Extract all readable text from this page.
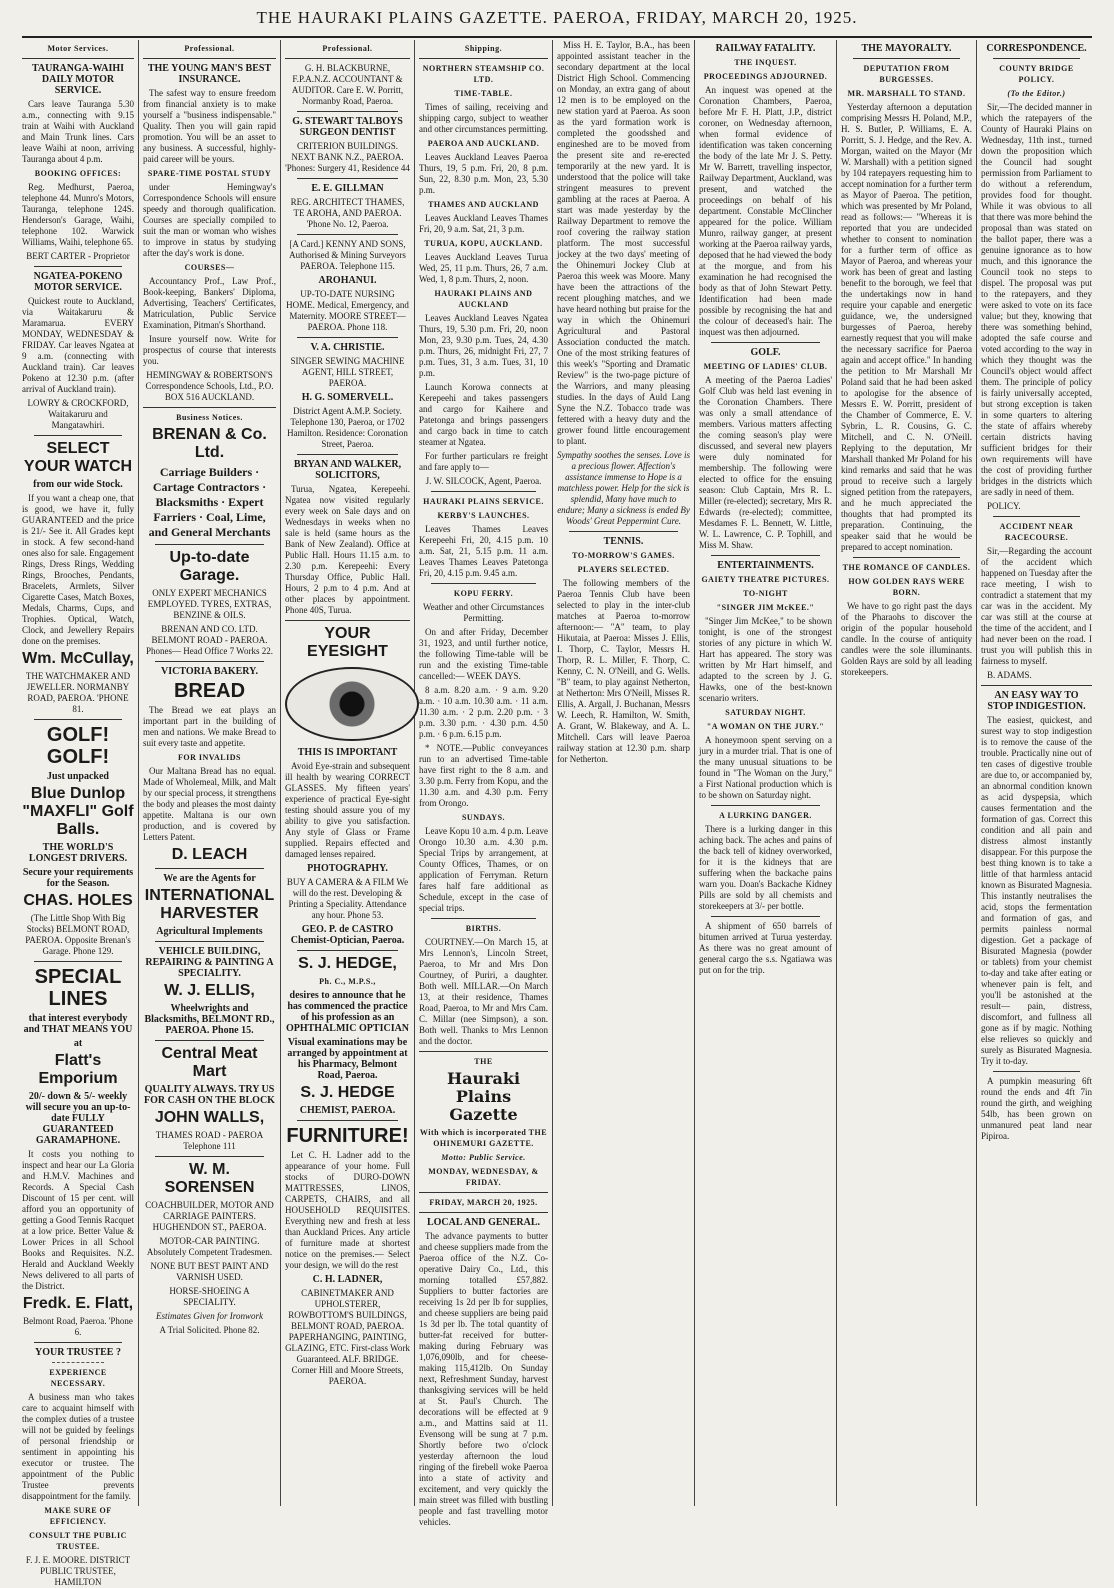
THE HAURAKI PLAINS GAZETTE. PAEROA, FRIDAY, MARCH 20, 1925.
Motor Services.
TAURANGA-WAIHI DAILY MOTOR SERVICE.

Cars leave Tauranga 5.30 a.m., connecting with 9.15 train at Waihi with Auckland and Main Trunk lines. Cars leave Waihi at noon, arriving Tauranga about 4 p.m.

BOOKING OFFICES:

Reg. Medhurst, Paeroa, telephone 44. Munro's Motors, Tauranga, telephone 124S. Henderson's Garage, Waihi, telephone 102. Warwick Williams, Waihi, telephone 65.

BERT CARTER - Proprietor

NGATEA-POKENO MOTOR SERVICE.

Quickest route to Auckland, via Waitakaruru & Maramarua. EVERY MONDAY, WEDNESDAY & FRIDAY. Car leaves Ngatea at 9 a.m. (connecting with Auckland train). Car leaves Pokeno at 12.30 p.m. (after arrival of Auckland train).

LOWRY & CROCKFORD, Waitakaruru and Mangatawhiri.

SELECT YOUR WATCH
from our wide Stock.

If you want a cheap one, that is good, we have it, fully GUARANTEED and the price is 21/- See it. All Grades kept in stock. A few second-hand ones also for sale. Engagement Rings, Dress Rings, Wedding Rings, Brooches, Pendants, Bracelets, Armlets, Silver Cigarette Cases, Match Boxes, Medals, Charms, Cups, and Trophies. Optical, Watch, Clock, and Jewellery Repairs done on the premises.

Wm. McCullay,

THE WATCHMAKER AND JEWELLER. NORMANBY ROAD, PAEROA. 'PHONE 81.

GOLF! GOLF!
Just unpacked
Blue Dunlop "MAXFLI" Golf Balls.
THE WORLD'S LONGEST DRIVERS.
Secure your requirements for the Season.
CHAS. HOLES

(The Little Shop With Big Stocks) BELMONT ROAD, PAEROA. Opposite Brenan's Garage. Phone 129.

SPECIAL LINES
that interest everybody and THAT MEANS YOU
at
Flatt's Emporium
20/- down & 5/- weekly will secure you an up-to-date FULLY GUARANTEED GARAMAPHONE.

It costs you nothing to inspect and hear our La Gloria and H.M.V. Machines and Records. A Special Cash Discount of 15 per cent. will afford you an opportunity of getting a Good Tennis Racquet at a low price. Better Value & Lower Prices in all School Books and Requisites. N.Z. Herald and Auckland Weekly News delivered to all parts of the District.

Fredk. E. Flatt,

Belmont Road, Paeroa. 'Phone 6.

YOUR TRUSTEE ?
EXPERIENCE NECESSARY.

A business man who takes care to acquaint himself with the complex duties of a trustee will not be guided by feelings of personal friendship or sentiment in appointing his executor or trustee. The appointment of the Public Trustee prevents disappointment for the family.

MAKE SURE OF EFFICIENCY.
CONSULT THE PUBLIC TRUSTEE.

F. J. E. MOORE. DISTRICT PUBLIC TRUSTEE, HAMILTON

Professional.
THE YOUNG MAN'S BEST INSURANCE.

The safest way to ensure freedom from financial anxiety is to make yourself a "business indispensable." Quality. Then you will gain rapid promotion. You will be an asset to any business. A successful, highly-paid career will be yours.

SPARE-TIME POSTAL STUDY

under Hemingway's Correspondence Schools will ensure speedy and thorough qualification. Courses are specially compiled to suit the man or woman who wishes to improve in status by studying after the day's work is done.

COURSES—

Accountancy Prof., Law Prof., Book-keeping, Bankers' Diploma, Advertising, Teachers' Certificates, Matriculation, Public Service Examination, Pitman's Shorthand.

Insure yourself now. Write for prospectus of course that interests you.

HEMINGWAY & ROBERTSON'S Correspondence Schools, Ltd., P.O. BOX 516 AUCKLAND.

Business Notices.
BRENAN & Co. Ltd.
Carriage Builders · Cartage Contractors · Blacksmiths · Expert Farriers · Coal, Lime, and General Merchants
Up-to-date Garage.

ONLY EXPERT MECHANICS EMPLOYED. TYRES, EXTRAS, BENZINE & OILS.

BRENAN AND CO. LTD. BELMONT ROAD - PAEROA. Phones— Head Office 7 Works 22.

VICTORIA BAKERY.
BREAD

The Bread we eat plays an important part in the building of men and nations. We make Bread to suit every taste and appetite.

FOR INVALIDS

Our Maltana Bread has no equal. Made of Wholemeal, Milk, and Malt by our special process, it strengthens the body and pleases the most dainty appetite. Maltana is our own production, and is covered by Letters Patent.

D. LEACH
We are the Agents for
INTERNATIONAL HARVESTER
Agricultural Implements
VEHICLE BUILDING, REPAIRING & PAINTING A SPECIALITY.
W. J. ELLIS,
Wheelwrights and Blacksmiths, BELMONT RD., PAEROA. Phone 15.
Central Meat Mart
QUALITY ALWAYS. TRY US FOR CASH ON THE BLOCK
JOHN WALLS,

THAMES ROAD - PAEROA Telephone 111

W. M. SORENSEN

COACHBUILDER, MOTOR AND CARRIAGE PAINTERS. HUGHENDON ST., PAEROA.

MOTOR-CAR PAINTING. Absolutely Competent Tradesmen.

NONE BUT BEST PAINT AND VARNISH USED.

HORSE-SHOEING A SPECIALITY.

Estimates Given for Ironwork

A Trial Solicited. Phone 82.

Professional.

G. H. BLACKBURNE, F.P.A.N.Z. ACCOUNTANT & AUDITOR. Care E. W. Porritt, Normanby Road, Paeroa.

G. STEWART TALBOYS SURGEON DENTIST

CRITERION BUILDINGS. NEXT BANK N.Z., PAEROA. 'Phones: Surgery 41, Residence 44

E. E. GILLMAN

REG. ARCHITECT THAMES, TE AROHA, AND PAEROA. 'Phone No. 12, Paeroa.

[A Card.] KENNY AND SONS, Authorised & Mining Surveyors PAEROA. Telephone 115.

AROHANUI.

UP-TO-DATE NURSING HOME. Medical, Emergency, and Maternity. MOORE STREET—PAEROA. Phone 118.

V. A. CHRISTIE.

SINGER SEWING MACHINE AGENT, HILL STREET, PAEROA.

H. G. SOMERVELL.

District Agent A.M.P. Society. Telephone 130, Paeroa, or 1702 Hamilton. Residence: Coronation Street, Paeroa.

BRYAN AND WALKER, SOLICITORS,

Turua, Ngatea, Kerepeehi. Ngatea now visited regularly every week on Sale days and on Wednesdays in weeks when no sale is held (same hours as the Bank of New Zealand). Office at Public Hall. Hours 11.15 a.m. to 2.30 p.m. Kerepeehi: Every Thursday Office, Public Hall. Hours, 2 p.m to 4 p.m. And at other places by appointment. Phone 40S, Turua.

YOUR EYESIGHT
THIS IS IMPORTANT

Avoid Eye-strain and subsequent ill health by wearing CORRECT GLASSES. My fifteen years' experience of practical Eye-sight testing should assure you of my ability to give you satisfaction. Any style of Glass or Frame supplied. Repairs effected and damaged lenses repaired.

PHOTOGRAPHY.

BUY A CAMERA & A FILM We will do the rest. Developing & Printing a Speciality. Attendance any hour. Phone 53.

GEO. P. de CASTRO Chemist-Optician, Paeroa.
S. J. HEDGE,
Ph. C., M.P.S.,
desires to announce that he has commenced the practice of his profession as an OPHTHALMIC OPTICIAN
Visual examinations may be arranged by appointment at his Pharmacy, Belmont Road, Paeroa.
S. J. HEDGE
CHEMIST, PAEROA.
FURNITURE!

Let C. H. Ladner add to the appearance of your home. Full stocks of DURO-DOWN MATTRESSES, LINOS, CARPETS, CHAIRS, and all HOUSEHOLD REQUISITES. Everything new and fresh at less than Auckland Prices. Any article of furniture made at shortest notice on the premises.— Select your design, we will do the rest

C. H. LADNER,

CABINETMAKER AND UPHOLSTERER, ROWBOTTOM'S BUILDINGS, BELMONT ROAD, PAEROA. PAPERHANGING, PAINTING, GLAZING, ETC. First-class Work Guaranteed. ALF. BRIDGE. Corner Hill and Moore Streets, PAEROA.

Shipping.
NORTHERN STEAMSHIP CO. LTD.
TIME-TABLE.

Times of sailing, receiving and shipping cargo, subject to weather and other circumstances permitting.

PAEROA AND AUCKLAND.

Leaves Auckland Leaves Paeroa Thurs, 19, 5 p.m. Fri, 20, 8 p.m. Sun, 22, 8.30 p.m. Mon, 23, 5.30 p.m.

THAMES AND AUCKLAND

Leaves Auckland Leaves Thames Fri, 20, 9 a.m. Sat, 21, 3 p.m.

TURUA, KOPU, AUCKLAND.

Leaves Auckland Leaves Turua Wed, 25, 11 p.m. Thurs, 26, 7 a.m. Wed, 1, 8 p.m. Thurs, 2, noon.

HAURAKI PLAINS AND AUCKLAND

Leaves Auckland Leaves Ngatea Thurs, 19, 5.30 p.m. Fri, 20, noon Mon, 23, 9.30 p.m. Tues, 24, 4.30 p.m. Thurs, 26, midnight Fri, 27, 7 p.m. Tues, 31, 3 a.m. Tues, 31, 10 p.m.

Launch Korowa connects at Kerepeehi and takes passengers and cargo for Kaihere and Patetonga and brings passengers and cargo back in time to catch steamer at Ngatea.

For further particulars re freight and fare apply to—

J. W. SILCOCK, Agent, Paeroa.

HAURAKI PLAINS SERVICE.
KERBY'S LAUNCHES.

Leaves Thames Leaves Kerepeehi Fri, 20, 4.15 p.m. 10 a.m. Sat, 21, 5.15 p.m. 11 a.m. Leaves Thames Leaves Patetonga Fri, 20, 4.15 p.m. 9.45 a.m.

KOPU FERRY.

Weather and other Circumstances Permitting.

On and after Friday, December 31, 1923, and until further notice, the following Time-table will be run and the existing Time-table cancelled:— WEEK DAYS.

8 a.m. 8.20 a.m. · 9 a.m. 9.20 a.m. · 10 a.m. 10.30 a.m. · 11 a.m. 11.30 a.m. · 2 p.m. 2.20 p.m. · 3 p.m. 3.30 p.m. · 4.30 p.m. 4.50 p.m. · 6 p.m. 6.15 p.m.

* NOTE.—Public conveyances run to an advertised Time-table have first right to the 8 a.m. and 3.30 p.m. Ferry from Kopu, and the 11.30 a.m. and 4.30 p.m. Ferry from Orongo.

SUNDAYS.

Leave Kopu 10 a.m. 4 p.m. Leave Orongo 10.30 a.m. 4.30 p.m. Special Trips by arrangement, at County Offices, Thames, or on application of Ferryman. Return fares half fare additional as Schedule, except in the case of special trips.

BIRTHS.

COURTNEY.—On March 15, at Mrs Lennon's, Lincoln Street, Paeroa, to Mr and Mrs Don Courtney, of Puriri, a daughter. Both well. MILLAR.—On March 13, at their residence, Thames Road, Paeroa, to Mr and Mrs Cam. C. Millar (nee Simpson), a son. Both well. Thanks to Mrs Lennon and the doctor.

THE
Hauraki Plains Gazette
With which is incorporated THE OHINEMURI GAZETTE.
Motto: Public Service.
MONDAY, WEDNESDAY, & FRIDAY.
FRIDAY, MARCH 20, 1925.
LOCAL AND GENERAL.

The advance payments to butter and cheese suppliers made from the Paeroa office of the N.Z. Co-operative Dairy Co., Ltd., this morning totalled £57,882. Suppliers to butter factories are receiving 1s 2d per lb for supplies, and cheese suppliers are being paid 1s 3d per lb. The total quantity of butter-fat received for butter-making during February was 1,076,090lb, and for cheese-making 115,412lb. On Sunday next, Refreshment Sunday, harvest thanksgiving services will be held at St. Paul's Church. The decorations will be effected at 9 a.m., and Mattins said at 11. Evensong will be sung at 7 p.m. Shortly before two o'clock yesterday afternoon the loud ringing of the firebell woke Paeroa into a state of activity and excitement, and very quickly the main street was filled with bustling people and fast travelling motor vehicles.

Miss H. E. Taylor, B.A., has been appointed assistant teacher in the secondary department at the local District High School. Commencing on Monday, an extra gang of about 12 men is to be employed on the new station yard at Paeroa. As soon as the yard formation work is completed the goodsshed and engineshed are to be moved from the present site and re-erected temporarily at the new yard. It is understood that the police will take stringent measures to prevent gambling at the races at Paeroa. A start was made yesterday by the Railway Department to remove the roof covering the railway station platform. The most successful jockey at the two days' meeting of the Ohinemuri Jockey Club at Paeroa this week was Moore. Many have been the attractions of the recent ploughing matches, and we have heard nothing but praise for the way in which the Ohinemuri Agricultural and Pastoral Association conducted the match. One of the most striking features of this week's "Sporting and Dramatic Review" is the two-page picture of the Warriors, and many pleasing studies. In the days of Auld Lang Syne the N.Z. Tobacco trade was fettered with a heavy duty and the grower found little encouragement to plant.

Sympathy soothes the senses. Love is a precious flower. Affection's assistance immense to Hope is a matchless power. Help for the sick is splendid, Many have much to endure; Many a sickness is ended By Woods' Great Peppermint Cure.

TENNIS.
TO-MORROW'S GAMES.
PLAYERS SELECTED.

The following members of the Paeroa Tennis Club have been selected to play in the inter-club matches at Paeroa to-morrow afternoon:— "A" team, to play Hikutaia, at Paeroa: Misses J. Ellis, I. Thorp, C. Taylor, Messrs H. Thorp, R. L. Miller, F. Thorp, C. Kenny, C. N. O'Neill, and G. Wells. "B" team, to play against Netherton, at Netherton: Mrs O'Neill, Misses R. Ellis, A. Argall, J. Buchanan, Messrs W. Leech, R. Hamilton, W. Smith, A. Grant, W. Blakeway, and A. L. Mitchell. Cars will leave Paeroa railway station at 12.30 p.m. sharp for Netherton.

RAILWAY FATALITY.
THE INQUEST.
PROCEEDINGS ADJOURNED.

An inquest was opened at the Coronation Chambers, Paeroa, before Mr F. H. Platt, J.P., district coroner, on Wednesday afternoon, when formal evidence of identification was taken concerning the body of the late Mr J. S. Petty. Mr W. Barrett, travelling inspector, Railway Department, Auckland, was present, and watched the proceedings on behalf of his department. Constable McClincher appeared for the police. William Munro, railway ganger, at present working at the Paeroa railway yards, deposed that he had viewed the body at the morgue, and from his examination he had recognised the body as that of John Stewart Petty. Identification had been made possible by recognising the hat and the colour of deceased's hair. The inquest was then adjourned.

GOLF.
MEETING OF LADIES' CLUB.

A meeting of the Paeroa Ladies' Golf Club was held last evening in the Coronation Chambers. There was only a small attendance of members. Various matters affecting the coming season's play were discussed, and several new players were duly nominated for membership. The following were elected to office for the ensuing season: Club Captain, Mrs R. L. Miller (re-elected); secretary, Mrs R. Edwards (re-elected); committee, Mesdames F. L. Bennett, W. Little, W. L. Lawrence, C. P. Tophill, and Miss M. Shaw.

ENTERTAINMENTS.
GAIETY THEATRE PICTURES.
TO-NIGHT
"SINGER JIM McKEE."

"Singer Jim McKee," to be shown tonight, is one of the strongest stories of any picture in which W. Hart has appeared. The story was written by Mr Hart himself, and adapted to the screen by J. G. Hawks, one of the best-known scenario writers.

SATURDAY NIGHT.
"A WOMAN ON THE JURY."

A honeymoon spent serving on a jury in a murder trial. That is one of the many unusual situations to be found in "The Woman on the Jury," a First National production which is to be shown on Saturday night.

A LURKING DANGER.

There is a lurking danger in this aching back. The aches and pains of the back tell of kidney overworked, for it is the kidneys that are suffering when the backache pains warn you. Doan's Backache Kidney Pills are sold by all chemists and storekeepers at 3/- per bottle.

A shipment of 650 barrels of bitumen arrived at Turua yesterday. As there was no great amount of general cargo the s.s. Ngatiawa was put on for the trip.

THE MAYORALTY.
DEPUTATION FROM BURGESSES.
MR. MARSHALL TO STAND.

Yesterday afternoon a deputation comprising Messrs H. Poland, M.P., H. S. Butler, P. Williams, E. A. Porritt, S. J. Hedge, and the Rev. A. Morgan, waited on the Mayor (Mr W. Marshall) with a petition signed by 104 ratepayers requesting him to accept nomination for a further term as Mayor of Paeroa. The petition, which was presented by Mr Poland, read as follows:— "Whereas it is reported that you are undecided whether to consent to nomination for a further term of office as Mayor of Paeroa, and whereas your work has been of great and lasting benefit to the borough, we feel that the undertakings now in hand require your capable and energetic guidance, we, the undersigned burgesses of Paeroa, hereby earnestly request that you will make the necessary sacrifice for Paeroa again and accept office." In handing the petition to Mr Marshall Mr Poland said that he had been asked to apologise for the absence of Messrs E. W. Porritt, president of the Chamber of Commerce, E. V. Sybrin, L. R. Cousins, G. C. Mitchell, and C. N. O'Neill. Replying to the deputation, Mr Marshall thanked Mr Poland for his kind remarks and said that he was proud to receive such a largely signed petition from the ratepayers, and he much appreciated the thoughts that had prompted its preparation. Continuing, the speaker said that he would be prepared to accept nomination.

THE ROMANCE OF CANDLES.
HOW GOLDEN RAYS WERE BORN.

We have to go right past the days of the Pharaohs to discover the origin of the popular household candle. In the course of antiquity candles were the sole illuminants. Golden Rays are sold by all leading storekeepers.

CORRESPONDENCE.
COUNTY BRIDGE POLICY.
(To the Editor.)

Sir,—The decided manner in which the ratepayers of the County of Hauraki Plains on Wednesday, 11th inst., turned down the proposition which the Council had sought permission from Parliament to do without a referendum, provides food for thought. While it was obvious to all that there was more behind the proposal than was stated on the ballot paper, there was a genuine ignorance as to how much, and this ignorance the Council took no steps to dispel. The proposal was put to the ratepayers, and they were asked to vote on its face value; but they, knowing that there was something behind, adopted the safe course and voted according to the way in which they thought was the Council's object would affect them. The principle of policy is fairly universally accepted, but strong exception is taken in some quarters to altering the state of affairs whereby certain districts having sufficient bridges for their own requirements will have the cost of providing further bridges in the districts which are sadly in need of them.

POLICY.

ACCIDENT NEAR RACECOURSE.

Sir,—Regarding the account of the accident which happened on Tuesday after the race meeting, I wish to contradict a statement that my car was in the accident. My car was still at the course at the time of the accident, and I had never been on the road. I trust you will publish this in fairness to myself.

B. ADAMS.

AN EASY WAY TO STOP INDIGESTION.

The easiest, quickest, and surest way to stop indigestion is to remove the cause of the trouble. Practically nine out of ten cases of digestive trouble are due to, or accompanied by, an abnormal condition known as acid dyspepsia, which causes fermentation and the formation of gas. Correct this condition and all pain and distress almost instantly disappear. For this purpose the best thing known is to take a little of that harmless antacid known as Bisurated Magnesia. This instantly neutralises the acid, stops the fermentation and formation of gas, and permits painless normal digestion. Get a package of Bisurated Magnesia (powder or tablets) from your chemist to-day and take after eating or whenever pain is felt, and you'll be astonished at the result— pain, distress, discomfort, and fullness all gone as if by magic. Nothing else relieves so quickly and surely as Bisurated Magnesia. Try it to-day.

A pumpkin measuring 6ft round the ends and 4ft 7in round the girth, and weighing 54lb, has been grown on unmanured peat land near Pipiroa.
